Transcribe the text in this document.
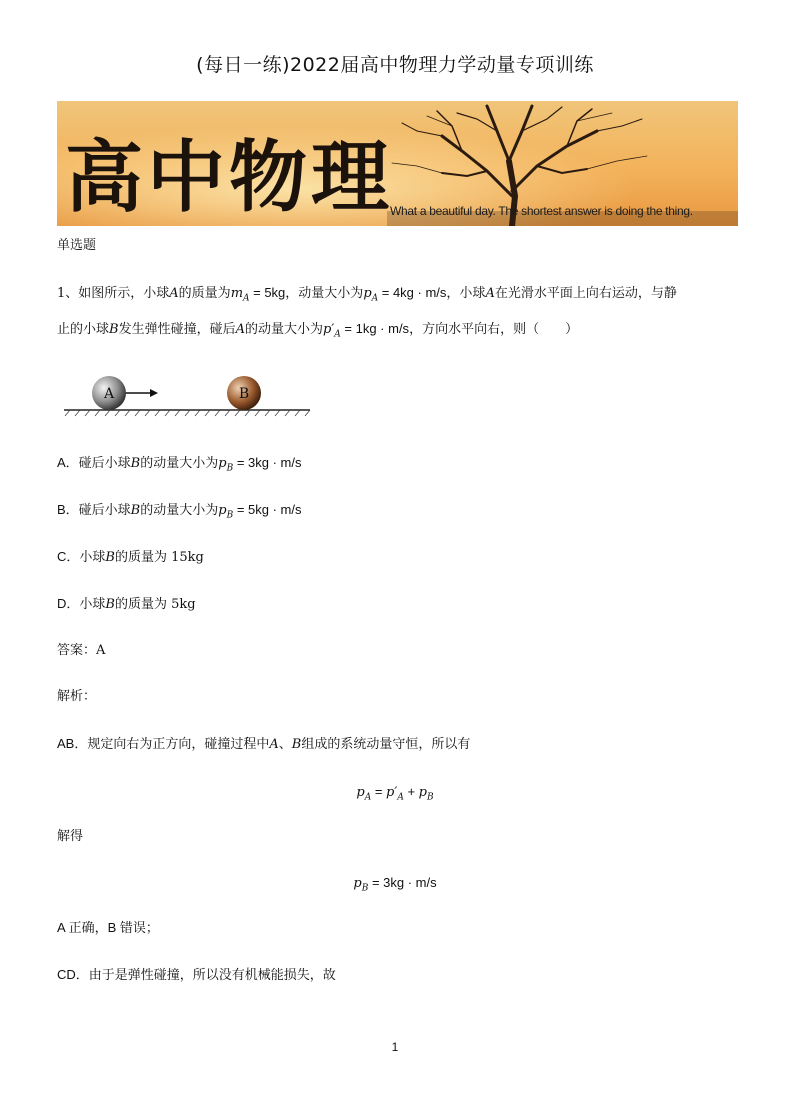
(每日一练)2022届高中物理力学动量专项训练
高中物理
What a beautiful day. The shortest answer is doing the thing.
单选题
1、如图所示，小球A的质量为$m_A = 5kg$，动量大小为$p_A = 4kg \cdot m/s$，小球A在光滑水平面上向右运动，与静
止的小球B发生弹性碰撞，碰后A的动量大小为$p'_A = 1kg \cdot m/s$，方向水平向右，则（　　）
A	B
A．碰后小球B的动量大小为$p_B = 3kg \cdot m/s$
B．碰后小球B的动量大小为$p_B = 5kg \cdot m/s$
C．小球B的质量为 15kg
D．小球B的质量为 5kg
答案：A
解析：
AB．规定向右为正方向，碰撞过程中A、B组成的系统动量守恒，所以有
$p_A = p'_A + p_B$
解得
$p_B = 3kg \cdot m/s$
A 正确，B 错误；
CD．由于是弹性碰撞，所以没有机械能损失，故
1
